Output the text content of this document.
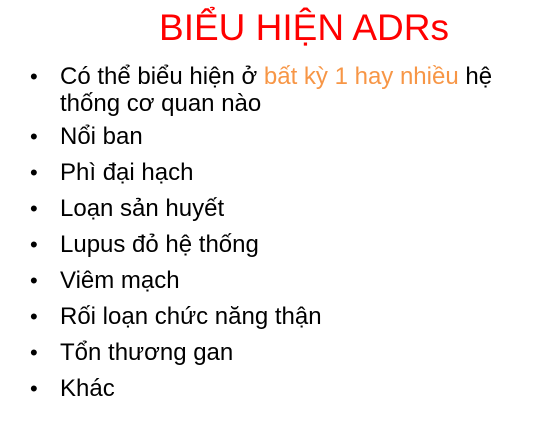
BIỂU HIỆN ADRs
• Có thể biểu hiện ở bất kỳ 1 hay nhiều hệ thống cơ quan nào
• Nổi ban
• Phì đại hạch
• Loạn sản huyết
• Lupus đỏ hệ thống
• Viêm mạch
• Rối loạn chức năng thận
• Tổn thương gan
• Khác
